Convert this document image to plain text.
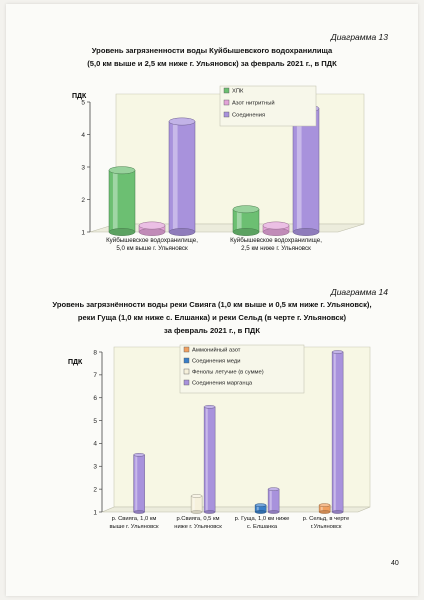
Диаграмма 13
Уровень загрязненности воды Куйбышевского водохранилища
(5,0 км выше и 2,5 км ниже г. Ульяновск) за февраль 2021 г., в ПДК
1
2
3
4
5
ПДК
Куйбышевское водохранилище,
5,0 км выше г. Ульяновск
Куйбышевское водохранилище,
2,5 км ниже г. Ульяновск
ХПК
Азот нитритный
Соединения
Диаграмма 14
Уровень загрязнённости воды реки Свияга (1,0 км выше и 0,5 км ниже г. Ульяновск),
реки Гуща (1,0 км ниже с. Елшанка) и реки Сельд (в черте г. Ульяновск)
за февраль 2021 г., в ПДК
1
2
3
4
5
6
7
8
ПДК
р. Свияга, 1,0 км
выше г. Ульяновск
р.Свияга, 0,5 км
ниже г. Ульяновск
р. Гуща, 1,0 км ниже
с. Елшанка
р. Сельд, в черте
г.Ульяновск
Аммонийный азот
Соединения меди
Фенолы летучие (в сумме)
Соединения марганца
40
